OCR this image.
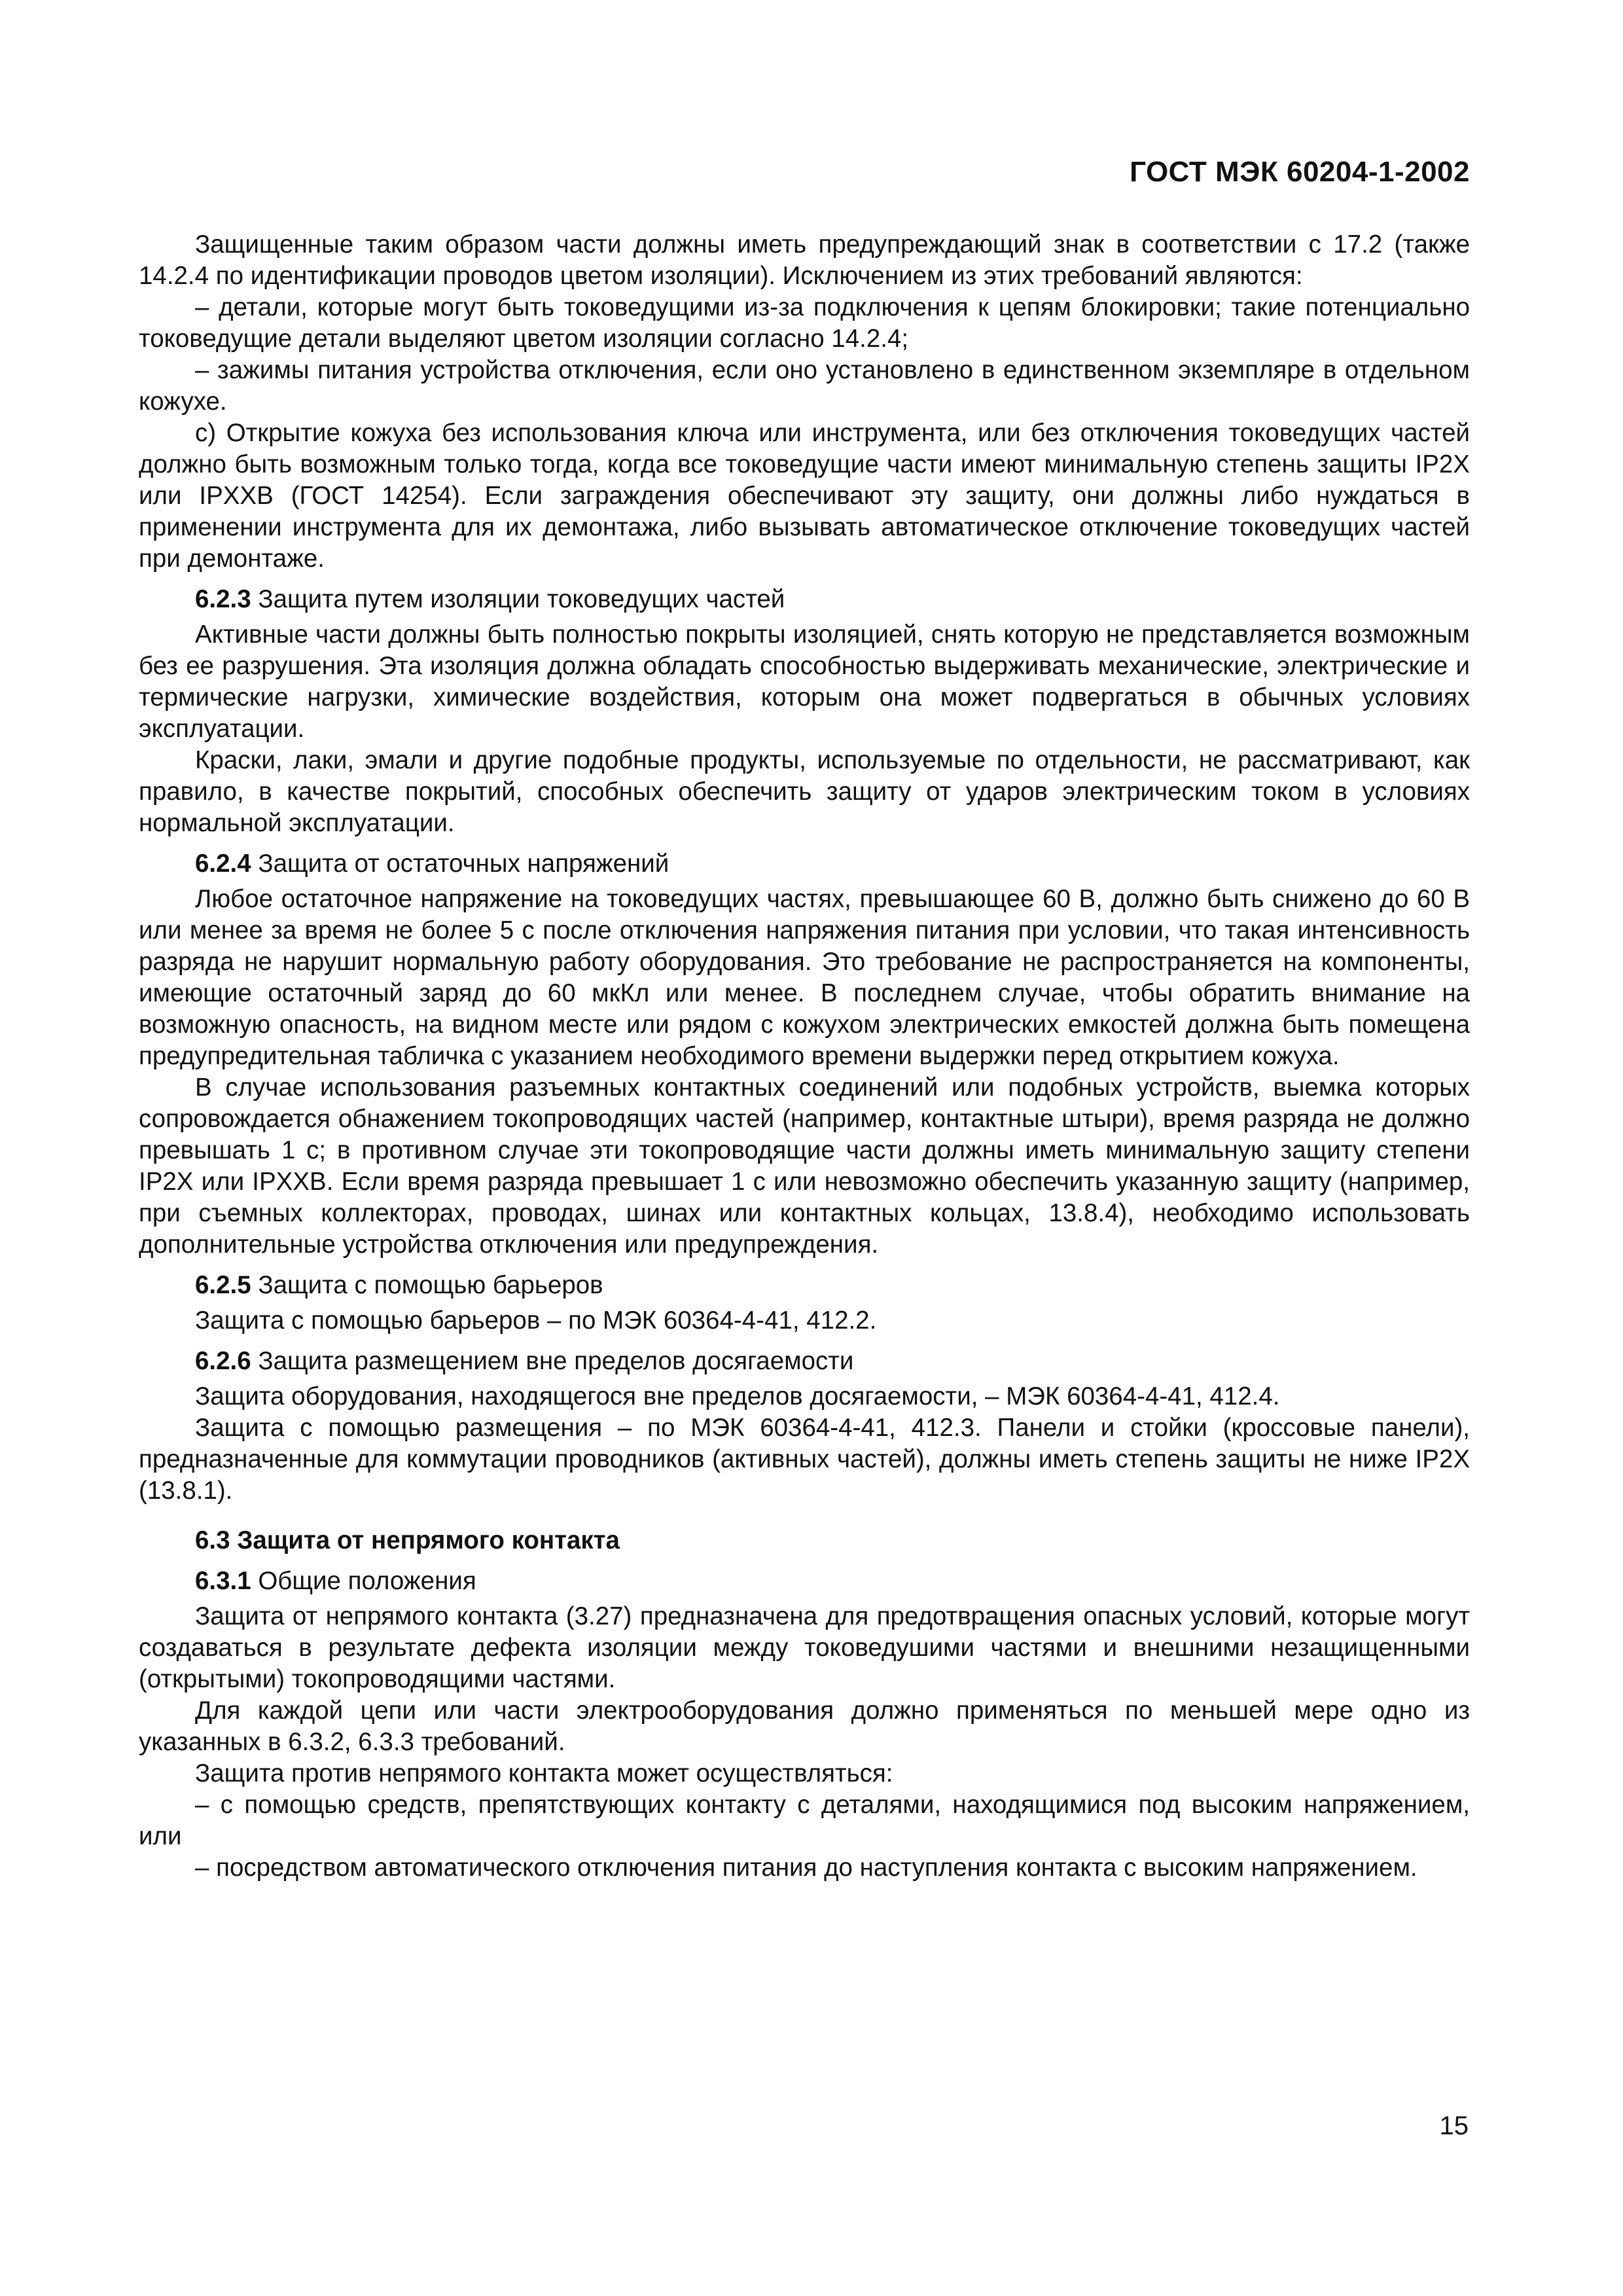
ГОСТ МЭК 60204-1-2002

Защищенные таким образом части должны иметь предупреждающий знак в соответствии с 17.2 (также 14.2.4 по идентификации проводов цветом изоляции). Исключением из этих требований являются:

– детали, которые могут быть токоведущими из-за подключения к цепям блокировки; такие потенциально токоведущие детали выделяют цветом изоляции согласно 14.2.4;

– зажимы питания устройства отключения, если оно установлено в единственном экземпляре в отдельном кожухе.

с) Открытие кожуха без использования ключа или инструмента, или без отключения токоведущих частей должно быть возможным только тогда, когда все токоведущие части имеют минимальную степень защиты IP2X или IPXXB (ГОСТ 14254). Если заграждения обеспечивают эту защиту, они должны либо нуждаться в применении инструмента для их демонтажа, либо вызывать автоматическое отключение токоведущих частей при демонтаже.

6.2.3 Защита путем изоляции токоведущих частей

Активные части должны быть полностью покрыты изоляцией, снять которую не представляется возможным без ее разрушения. Эта изоляция должна обладать способностью выдерживать механические, электрические и термические нагрузки, химические воздействия, которым она может подвергаться в обычных условиях эксплуатации.

Краски, лаки, эмали и другие подобные продукты, используемые по отдельности, не рассматривают, как правило, в качестве покрытий, способных обеспечить защиту от ударов электрическим током в условиях нормальной эксплуатации.

6.2.4 Защита от остаточных напряжений

Любое остаточное напряжение на токоведущих частях, превышающее 60 В, должно быть снижено до 60 В или менее за время не более 5 с после отключения напряжения питания при условии, что такая интенсивность разряда не нарушит нормальную работу оборудования. Это требование не распространяется на компоненты, имеющие остаточный заряд до 60 мкКл или менее. В последнем случае, чтобы обратить внимание на возможную опасность, на видном месте или рядом с кожухом электрических емкостей должна быть помещена предупредительная табличка с указанием необходимого времени выдержки перед открытием кожуха.

В случае использования разъемных контактных соединений или подобных устройств, выемка которых сопровождается обнажением токопроводящих частей (например, контактные штыри), время разряда не должно превышать 1 с; в противном случае эти токопроводящие части должны иметь минимальную защиту степени IP2X или IPXXB. Если время разряда превышает 1 с или невозможно обеспечить указанную защиту (например, при съемных коллекторах, проводах, шинах или контактных кольцах, 13.8.4), необходимо использовать дополнительные устройства отключения или предупреждения.

6.2.5 Защита с помощью барьеров

Защита с помощью барьеров – по МЭК 60364-4-41, 412.2.

6.2.6 Защита размещением вне пределов досягаемости

Защита оборудования, находящегося вне пределов досягаемости, – МЭК 60364-4-41, 412.4.

Защита с помощью размещения – по МЭК 60364-4-41, 412.3. Панели и стойки (кроссовые панели), предназначенные для коммутации проводников (активных частей), должны иметь степень защиты не ниже IP2X (13.8.1).

6.3 Защита от непрямого контакта

6.3.1 Общие положения

Защита от непрямого контакта (3.27) предназначена для предотвращения опасных условий, которые могут создаваться в результате дефекта изоляции между токоведушими частями и внешними незащищенными (открытыми) токопроводящими частями.

Для каждой цепи или части электрооборудования должно применяться по меньшей мере одно из указанных в 6.3.2, 6.3.3 требований.

Защита против непрямого контакта может осуществляться:

– с помощью средств, препятствующих контакту с деталями, находящимися под высоким напряжением, или

– посредством автоматического отключения питания до наступления контакта с высоким напряжением.

15
